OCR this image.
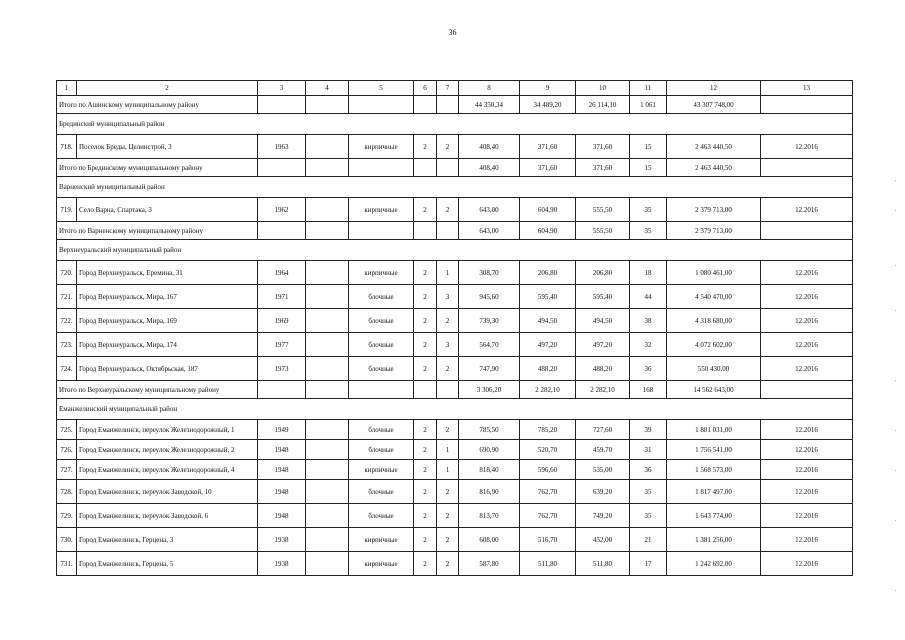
36
1	2	3	4	5	6	7	8	9	10	11	12	13
Итого по Ашинскому муниципальному району							44 350,34	34 489,20	26 114,10	1 061	43 307 748,00	
Брединский муниципальный район												
718.	Поселок Бреды, Целинстрой, 3	1963		кирпичные	2	2	408,40	371,60	371,60	15	2 463 440,50	12.2016
Итого по Брединскому муниципальному району							408,40	371,60	371,60	15	2 463 440,50	
Варненский муниципальный район												
719.	Село Варна, Спартака, 3	1962		кирпичные	2	2	643,00	604,90	555,50	35	2 379 713,00	12.2016
Итого по Варненскому муниципальному району							643,00	604,90	555,50	35	2 379 713,00	
Верхнеуральский муниципальный район												
720.	Город Верхнеуральск, Еремина, 31	1964		кирпичные	2	1	308,70	206,80	206,80	18	1 080 461,00	12.2016
721.	Город Верхнеуральск, Мира, 167	1971		блочные	2	3	945,60	595,40	595,40	44	4 540 470,00	12.2016
722.	Город Верхнеуральск, Мира, 169	1969		блочные	2	2	739,30	494,50	494,50	38	4 318 680,00	12.2016
723.	Город Верхнеуральск, Мира, 174	1977		блочные	2	3	564,70	497,20	497,20	32	4 072 602,00	12.2016
724.	Город Верхнеуральск, Октябрьская, 187	1973		блочные	2	2	747,90	488,20	488,20	36	550 430,00	12.2016
Итого по Верхнеуральскому муниципальному району							3 306,20	2 282,10	2 282,10	168	14 562 643,00	
Еманжелинский муниципальный район												
725.	Город Еманжелинск, переулок Железнодорожный, 1	1949		блочные	2	2	785,50	785,20	727,60	39	1 881 031,00	12.2016
726.	Город Еманжелинск, переулок Железнодорожный, 2	1948		блочные	2	1	690,90	520,70	459,70	31	1 756 541,00	12.2016
727.	Город Еманжелинск, переулок Железнодорожный, 4	1948		кирпичные	2	1	818,40	596,60	535,00	36	1 568 573,00	12.2016
728.	Город Еманжелинск, переулок Заводской, 10	1948		блочные	2	2	816,90	762,70	639,20	35	1 817 497,00	12.2016
729.	Город Еманжелинск, переулок Заводской, 6	1948		блочные	2	2	813,70	762,70	749,20	35	1 643 774,00	12.2016
730.	Город Еманжелинск, Герцена, 3	1938		кирпичные	2	2	608,00	516,70	452,00	21	1 381 256,00	12.2016
731.	Город Еманжелинск, Герцена, 5	1938		кирпичные	2	2	587,80	511,80	511,80	17	1 242 692,00	12.2016
